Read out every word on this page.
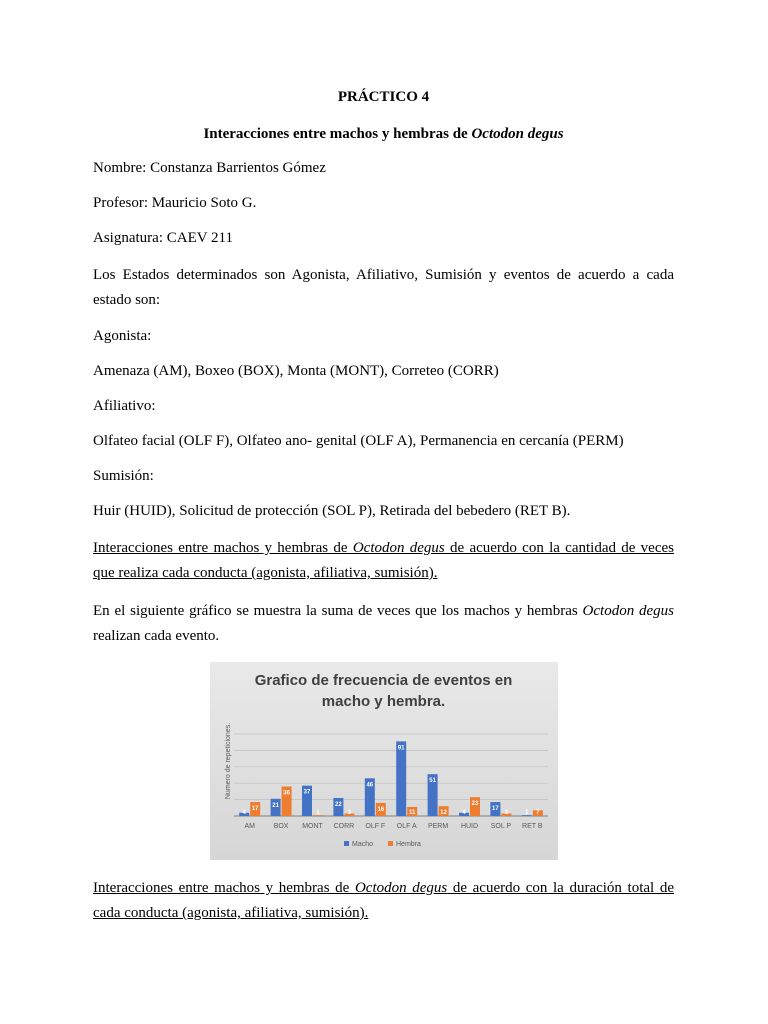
PRÁCTICO 4
Interacciones entre machos y hembras de Octodon degus

Nombre: Constanza Barrientos Gómez

Profesor: Mauricio Soto G.

Asignatura: CAEV 211

Los Estados determinados son Agonista, Afiliativo, Sumisión y eventos de acuerdo a cada estado son:

Agonista:

Amenaza (AM), Boxeo (BOX), Monta (MONT), Correteo (CORR)

Afiliativo:

Olfateo facial (OLF F), Olfateo ano- genital (OLF A), Permanencia en cercanía (PERM)

Sumisión:

Huir (HUID), Solicitud de protección (SOL P), Retirada del bebedero (RET B).

Interacciones entre machos y hembras de Octodon degus de acuerdo con la cantidad de veces que realiza cada conducta (agonista, afiliativa, sumisión).

En el siguiente gráfico se muestra la suma de veces que los machos y hembras Octodon degus realizan cada evento.

Grafico de frecuencia de eventos en
macho y hembra.
Numero de repeticiones.
4
17
AM
21
36
BOX
37
1
MONT
22
3
CORR
46
16
OLF F
91
11
OLF A
51
12
PERM
4
23
HUID
17
3
SOL P
1 7
RET B
Macho	Hembra

Interacciones entre machos y hembras de Octodon degus de acuerdo con la duración total de cada conducta (agonista, afiliativa, sumisión).
